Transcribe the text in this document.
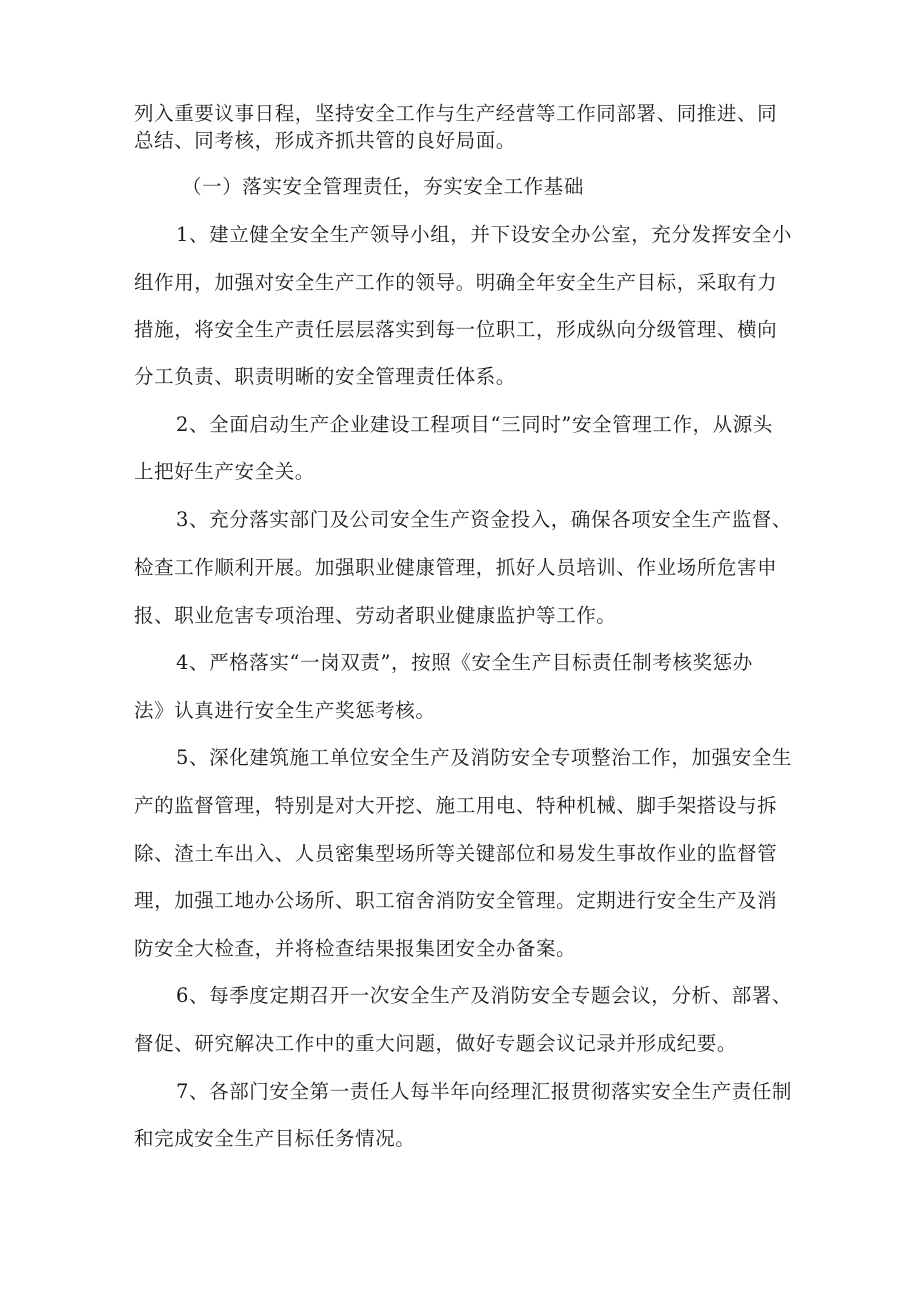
列入重要议事日程，坚持安全工作与生产经营等工作同部署、同推进、同

总结、同考核，形成齐抓共管的良好局面。

（一）落实安全管理责任，夯实安全工作基础

1、建立健全安全生产领导小组，并下设安全办公室，充分发挥安全小

组作用，加强对安全生产工作的领导。明确全年安全生产目标，采取有力

措施，将安全生产责任层层落实到每一位职工，形成纵向分级管理、横向

分工负责、职责明晰的安全管理责任体系。

2、全面启动生产企业建设工程项目“三同时”安全管理工作，从源头

上把好生产安全关。

3、充分落实部门及公司安全生产资金投入，确保各项安全生产监督、

检查工作顺利开展。加强职业健康管理，抓好人员培训、作业场所危害申

报、职业危害专项治理、劳动者职业健康监护等工作。

4、严格落实“一岗双责”，按照《安全生产目标责任制考核奖惩办

法》认真进行安全生产奖惩考核。

5、深化建筑施工单位安全生产及消防安全专项整治工作，加强安全生

产的监督管理，特别是对大开挖、施工用电、特种机械、脚手架搭设与拆

除、渣土车出入、人员密集型场所等关键部位和易发生事故作业的监督管

理，加强工地办公场所、职工宿舍消防安全管理。定期进行安全生产及消

防安全大检查，并将检查结果报集团安全办备案。

6、每季度定期召开一次安全生产及消防安全专题会议，分析、部署、

督促、研究解决工作中的重大问题，做好专题会议记录并形成纪要。

7、各部门安全第一责任人每半年向经理汇报贯彻落实安全生产责任制

和完成安全生产目标任务情况。
